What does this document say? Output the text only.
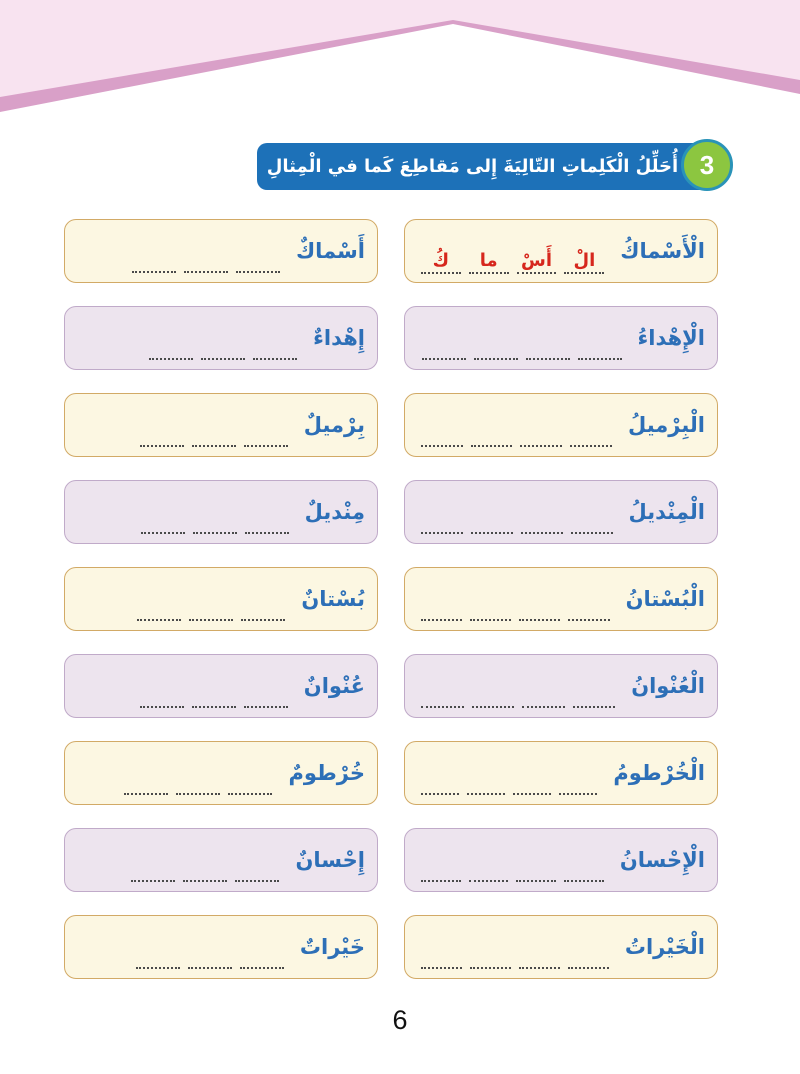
أُحَلِّلُ الْكَلِماتِ التّالِيَةَ إِلى مَقاطِعَ كَما في الْمِثالِ 3
الْأَسْماكُ
الْ
أَسْ
ما
كُ
أَسْماكٌ
الْإِهْداءُ
إِهْداءٌ
الْبِرْميلُ
بِرْميلٌ
الْمِنْديلُ
مِنْديلٌ
الْبُسْتانُ
بُسْتانٌ
الْعُنْوانُ
عُنْوانٌ
الْخُرْطومُ
خُرْطومٌ
الْإِحْسانُ
إِحْسانٌ
الْخَيْراتُ
خَيْراتٌ
6
